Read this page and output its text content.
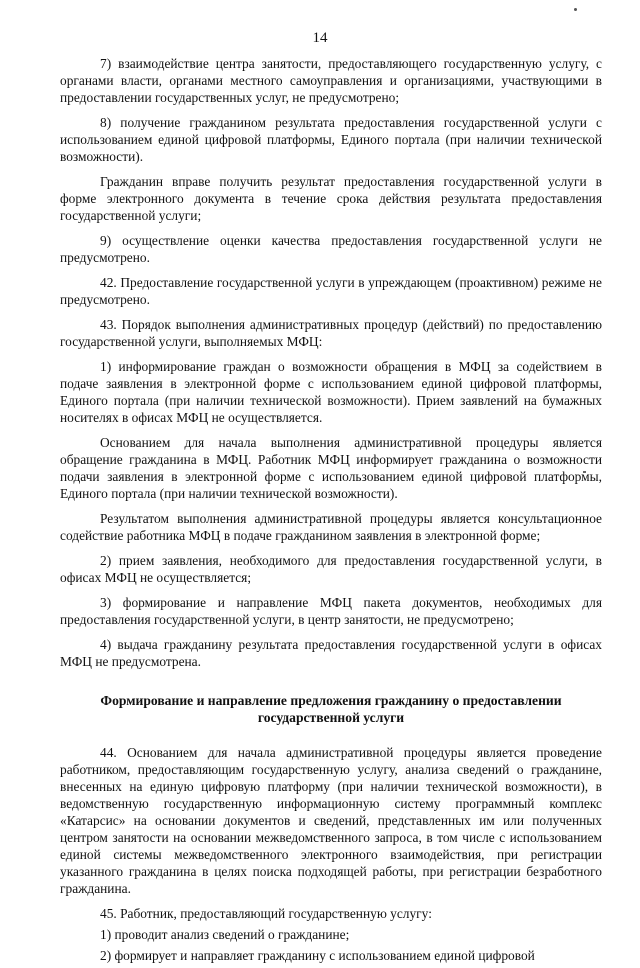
14

7) взаимодействие центра занятости, предоставляющего государственную услугу, с органами власти, органами местного самоуправления и организациями, участвующими в предоставлении государственных услуг, не предусмотрено;

8) получение гражданином результата предоставления государственной услуги с использованием единой цифровой платформы, Единого портала (при наличии технической возможности).

Гражданин вправе получить результат предоставления государственной услуги в форме электронного документа в течение срока действия результата предоставления государственной услуги;

9) осуществление оценки качества предоставления государственной услуги не предусмотрено.

42. Предоставление государственной услуги в упреждающем (проактивном) режиме не предусмотрено.

43. Порядок выполнения административных процедур (действий) по предоставлению государственной услуги, выполняемых МФЦ:

1) информирование граждан о возможности обращения в МФЦ за содействием в подаче заявления в электронной форме с использованием единой цифровой платформы, Единого портала (при наличии технической возможности). Прием заявлений на бумажных носителях в офисах МФЦ не осуществляется.

Основанием для начала выполнения административной процедуры является обращение гражданина в МФЦ. Работник МФЦ информирует гражданина о возможности подачи заявления в электронной форме с использованием единой цифровой платформы, Единого портала (при наличии технической возможности).

Результатом выполнения административной процедуры является консультационное содействие работника МФЦ в подаче гражданином заявления в электронной форме;

2) прием заявления, необходимого для предоставления государственной услуги, в офисах МФЦ не осуществляется;

3) формирование и направление МФЦ пакета документов, необходимых для предоставления государственной услуги, в центр занятости, не предусмотрено;

4) выдача гражданину результата предоставления государственной услуги в офисах МФЦ не предусмотрена.

Формирование и направление предложения гражданину о предоставлении

государственной услуги

44. Основанием для начала административной процедуры является проведение работником, предоставляющим государственную услугу, анализа сведений о гражданине, внесенных на единую цифровую платформу (при наличии технической возможности), в ведомственную государственную информационную систему программный комплекс «Катарсис» на основании документов и сведений, представленных им или полученных центром занятости на основании межведомственного запроса, в том числе с использованием единой системы межведомственного электронного взаимодействия, при регистрации указанного гражданина в целях поиска подходящей работы, при регистрации безработного гражданина.

45. Работник, предоставляющий государственную услугу:

1) проводит анализ сведений о гражданине;

2) формирует и направляет гражданину с использованием единой цифровой
